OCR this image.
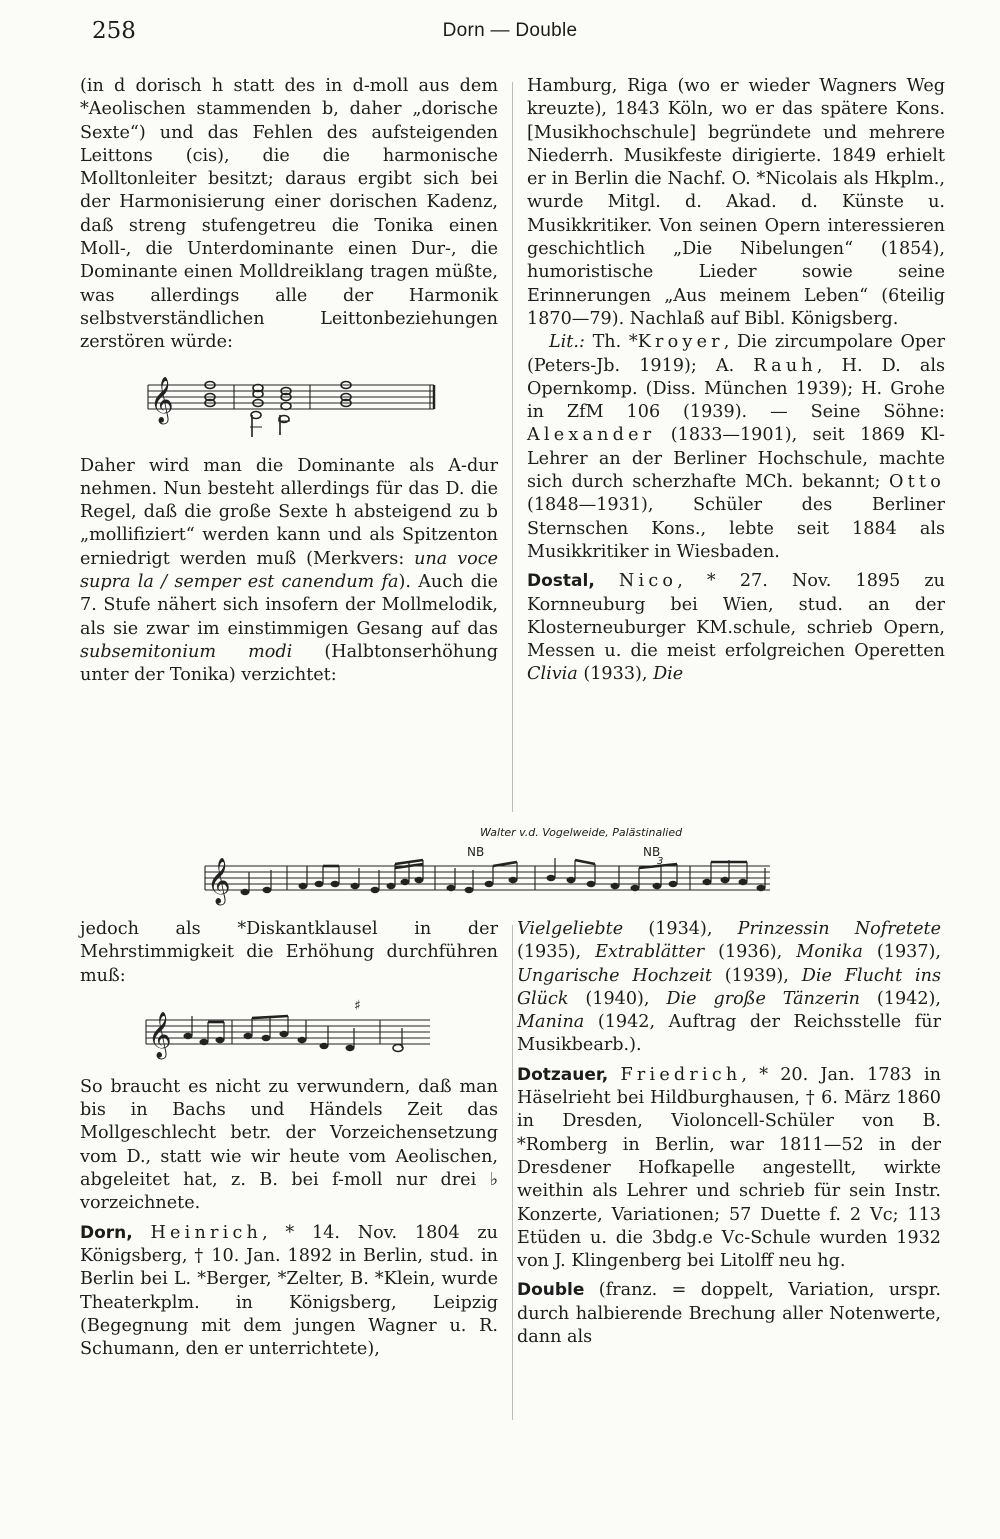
258	Dorn — Double

(in d dorisch h statt des in d-moll aus dem *Aeolischen stammenden b, daher „dorische Sexte“) und das Fehlen des aufsteigenden Leittons (cis), die die harmonische Molltonleiter besitzt; daraus ergibt sich bei der Harmonisierung einer dorischen Kadenz, daß streng stufengetreu die Tonika einen Moll-, die Unterdominante einen Dur-, die Dominante einen Molldreiklang tragen müßte, was allerdings alle der Harmonik selbstverständlichen Leittonbeziehungen zerstören würde:

𝄞

Daher wird man die Dominante als A-dur nehmen. Nun besteht allerdings für das D. die Regel, daß die große Sexte h absteigend zu b „mollifiziert“ werden kann und als Spitzenton erniedrigt werden muß (Merkvers: una voce supra la / semper est canendum fa). Auch die 7. Stufe nähert sich insofern der Mollmelodik, als sie zwar im einstimmigen Gesang auf das subsemitonium modi (Halbtonserhöhung unter der Tonika) verzichtet:

Hamburg, Riga (wo er wieder Wagners Weg kreuzte), 1843 Köln, wo er das spätere Kons. [Musikhochschule] begründete und mehrere Niederrh. Musikfeste dirigierte. 1849 erhielt er in Berlin die Nachf. O. *Nicolais als Hkplm., wurde Mitgl. d. Akad. d. Künste u. Musikkritiker. Von seinen Opern interessieren geschichtlich „Die Nibelungen“ (1854), humoristische Lieder sowie seine Erinnerungen „Aus meinem Leben“ (6teilig 1870—79). Nachlaß auf Bibl. Königsberg.

Lit.: Th. *Kroyer, Die zircumpolare Oper (Peters-Jb. 1919); A. Rauh, H. D. als Opernkomp. (Diss. München 1939); H. Grohe in ZfM 106 (1939). — Seine Söhne: Alexander (1833—1901), seit 1869 Kl-Lehrer an der Berliner Hochschule, machte sich durch scherzhafte MCh. bekannt; Otto (1848—1931), Schüler des Berliner Sternschen Kons., lebte seit 1884 als Musikkritiker in Wiesbaden.

Dostal, Nico, * 27. Nov. 1895 zu Kornneuburg bei Wien, stud. an der Klosterneuburger KM.schule, schrieb Opern, Messen u. die meist erfolgreichen Operetten Clivia (1933), Die

Walter v.d. Vogelweide, Palästinalied
𝄞
NB	NB
3

jedoch als *Diskantklausel in der Mehrstimmigkeit die Erhöhung durchführen muß:

𝄞
♯

So braucht es nicht zu verwundern, daß man bis in Bachs und Händels Zeit das Mollgeschlecht betr. der Vorzeichensetzung vom D., statt wie wir heute vom Aeolischen, abgeleitet hat, z. B. bei f-moll nur drei ♭ vorzeichnete.

Dorn, Heinrich, * 14. Nov. 1804 zu Königsberg, † 10. Jan. 1892 in Berlin, stud. in Berlin bei L. *Berger, *Zelter, B. *Klein, wurde Theaterkplm. in Königsberg, Leipzig (Begegnung mit dem jungen Wagner u. R. Schumann, den er unterrichtete),

Vielgeliebte (1934), Prinzessin Nofretete (1935), Extrablätter (1936), Monika (1937), Ungarische Hochzeit (1939), Die Flucht ins Glück (1940), Die große Tänzerin (1942), Manina (1942, Auftrag der Reichsstelle für Musikbearb.).

Dotzauer, Friedrich, * 20. Jan. 1783 in Häselrieht bei Hildburghausen, † 6. März 1860 in Dresden, Violoncell-Schüler von B. *Romberg in Berlin, war 1811—52 in der Dresdener Hofkapelle angestellt, wirkte weithin als Lehrer und schrieb für sein Instr. Konzerte, Variationen; 57 Duette f. 2 Vc; 113 Etüden u. die 3bdg.e Vc-Schule wurden 1932 von J. Klingenberg bei Litolff neu hg.

Double (franz. = doppelt, Variation, urspr. durch halbierende Brechung aller Notenwerte, dann als
